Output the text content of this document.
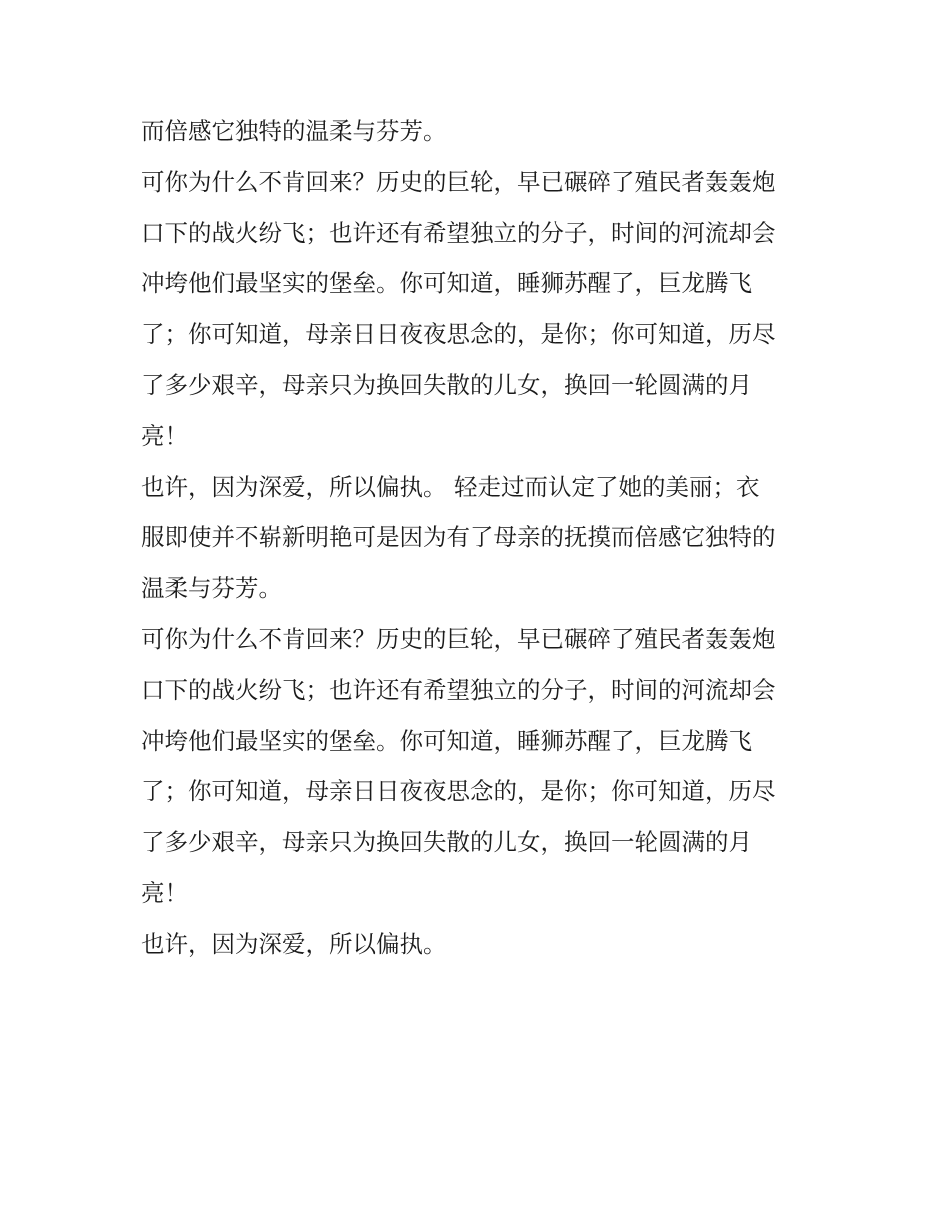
而倍感它独特的温柔与芬芳。

可你为什么不肯回来？历史的巨轮，早已碾碎了殖民者轰轰炮
口下的战火纷飞；也许还有希望独立的分子，时间的河流却会
冲垮他们最坚实的堡垒。你可知道，睡狮苏醒了，巨龙腾飞
了；你可知道，母亲日日夜夜思念的，是你；你可知道，历尽
了多少艰辛，母亲只为换回失散的儿女，换回一轮圆满的月
亮！

也许，因为深爱，所以偏执。 轻走过而认定了她的美丽；衣
服即使并不崭新明艳可是因为有了母亲的抚摸而倍感它独特的
温柔与芬芳。

可你为什么不肯回来？历史的巨轮，早已碾碎了殖民者轰轰炮
口下的战火纷飞；也许还有希望独立的分子，时间的河流却会
冲垮他们最坚实的堡垒。你可知道，睡狮苏醒了，巨龙腾飞
了；你可知道，母亲日日夜夜思念的，是你；你可知道，历尽
了多少艰辛，母亲只为换回失散的儿女，换回一轮圆满的月
亮！

也许，因为深爱，所以偏执。
